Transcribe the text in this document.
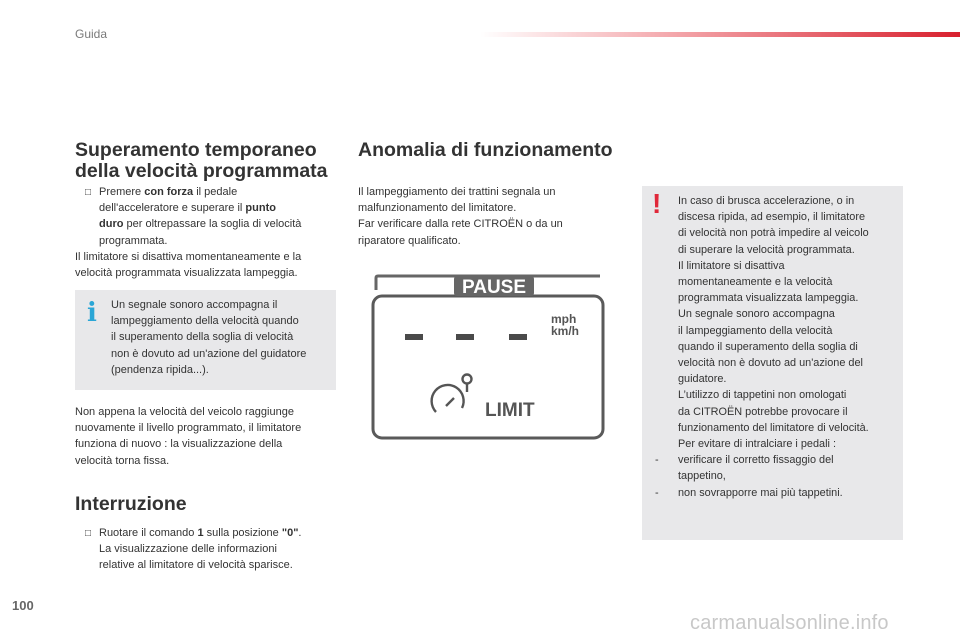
Guida
Superamento temporaneo
della velocità programmata
□ Premere con forza il pedale
dell'acceleratore e superare il punto
duro per oltrepassare la soglia di velocità
programmata.
Il limitatore si disattiva momentaneamente e la
velocità programmata visualizzata lampeggia.
i Un segnale sonoro accompagna il
lampeggiamento della velocità quando
il superamento della soglia di velocità
non è dovuto ad un'azione del guidatore
(pendenza ripida...).
Non appena la velocità del veicolo raggiunge
nuovamente il livello programmato, il limitatore
funziona di nuovo : la visualizzazione della
velocità torna fissa.
Interruzione
□ Ruotare il comando 1 sulla posizione "0".
La visualizzazione delle informazioni
relative al limitatore di velocità sparisce.
Anomalia di funzionamento
Il lampeggiamento dei trattini segnala un
malfunzionamento del limitatore.
Far verificare dalla rete CITROËN o da un
riparatore qualificato.
PAUSE
mph
km/h
LIMIT
! In caso di brusca accelerazione, o in
discesa ripida, ad esempio, il limitatore
di velocità non potrà impedire al veicolo
di superare la velocità programmata.
Il limitatore si disattiva
momentaneamente e la velocità
programmata visualizzata lampeggia.
Un segnale sonoro accompagna
il lampeggiamento della velocità
quando il superamento della soglia di
velocità non è dovuto ad un'azione del
guidatore.
L’utilizzo di tappetini non omologati
da CITROËN potrebbe provocare il
funzionamento del limitatore di velocità.
Per evitare di intralciare i pedali :
- verificare il corretto fissaggio del
tappetino,
- non sovrapporre mai più tappetini.
100
carmanualsonline.info
